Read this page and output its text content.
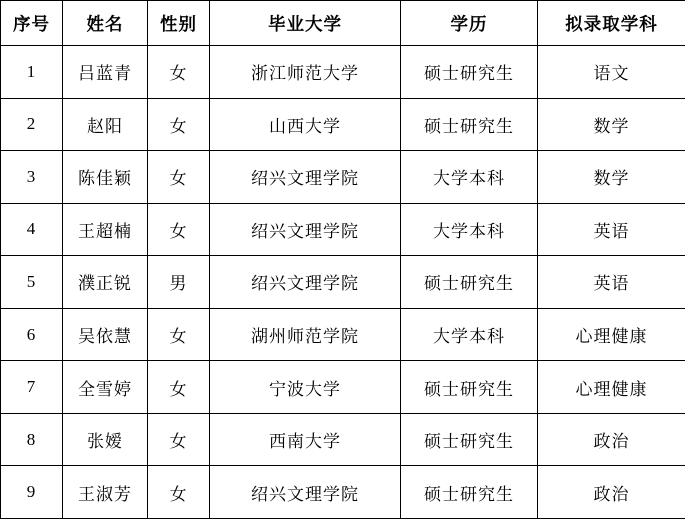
序号	姓名	性别	毕业大学	学历	拟录取学科
1	吕蓝青	女	浙江师范大学	硕士研究生	语文
2	赵阳	女	山西大学	硕士研究生	数学
3	陈佳颖	女	绍兴文理学院	大学本科	数学
4	王超楠	女	绍兴文理学院	大学本科	英语
5	濮正锐	男	绍兴文理学院	硕士研究生	英语
6	吴依慧	女	湖州师范学院	大学本科	心理健康
7	全雪婷	女	宁波大学	硕士研究生	心理健康
8	张嫒	女	西南大学	硕士研究生	政治
9	王淑芳	女	绍兴文理学院	硕士研究生	政治
